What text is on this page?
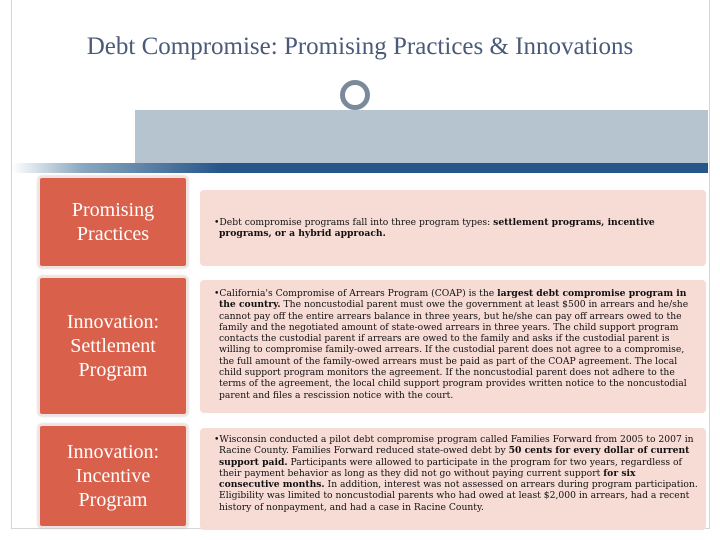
Debt Compromise: Promising Practices & Innovations
Promising
Practices
•Debt compromise programs fall into three program types: settlement programs, incentive programs, or a hybrid approach.
Innovation:
Settlement
Program
•California's Compromise of Arrears Program (COAP) is the largest debt compromise program in the country. The noncustodial parent must owe the government at least $500 in arrears and he/she cannot pay off the entire arrears balance in three years, but he/she can pay off arrears owed to the family and the negotiated amount of state-owed arrears in three years. The child support program contacts the custodial parent if arrears are owed to the family and asks if the custodial parent is willing to compromise family-owed arrears. If the custodial parent does not agree to a compromise, the full amount of the family-owed arrears must be paid as part of the COAP agreement. The local child support program monitors the agreement. If the noncustodial parent does not adhere to the terms of the agreement, the local child support program provides written notice to the noncustodial parent and files a rescission notice with the court.
Innovation:
Incentive
Program
•Wisconsin conducted a pilot debt compromise program called Families Forward from 2005 to 2007 in Racine County. Families Forward reduced state-owed debt by 50 cents for every dollar of current support paid. Participants were allowed to participate in the program for two years, regardless of their payment behavior as long as they did not go without paying current support for six consecutive months. In addition, interest was not assessed on arrears during program participation. Eligibility was limited to noncustodial parents who had owed at least $2,000 in arrears, had a recent history of nonpayment, and had a case in Racine County.
